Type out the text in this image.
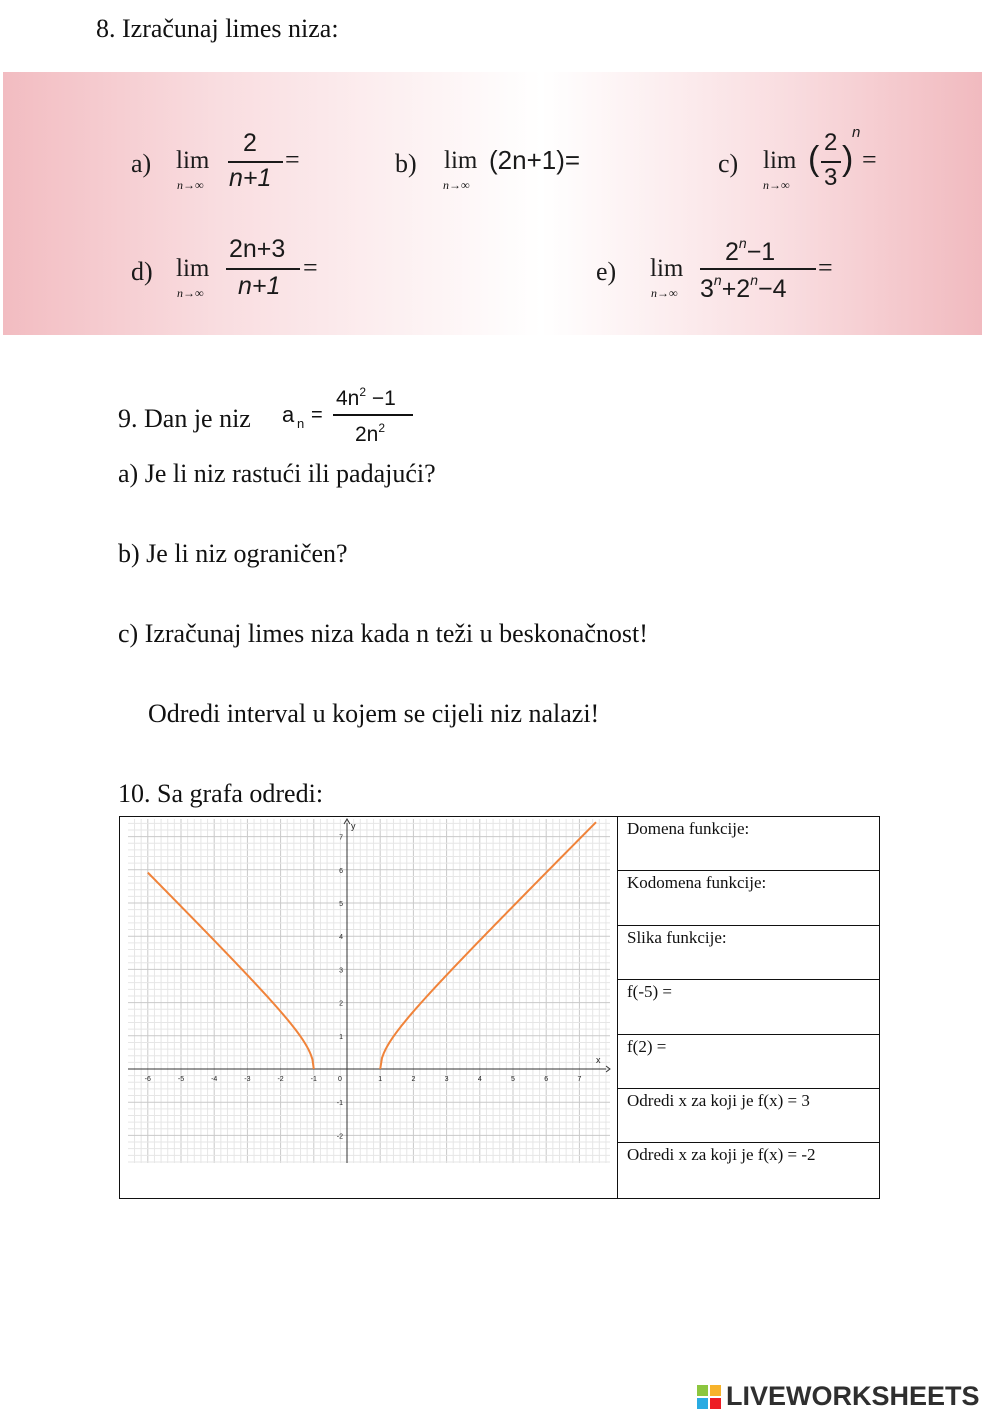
8. Izračunaj limes niza:
a) lim
n→∞
2
n+1
=	b) lim
n→∞
(2n+1)=	c) lim
n→∞
( 2
3 )
n
=
d) lim
n→∞
2n+3
n+1
=	e) lim
n→∞
$2^n-1$
$3^n+2^n-4$
=
9. Dan je niz a n =
$4n^2 -1$
$2n^2$
a) Je li niz rastući ili padajući?
b) Je li niz ograničen?
c) Izračunaj limes niza kada n teži u beskonačnost!
Odredi interval u kojem se cijeli niz nalazi!
10. Sa grafa odredi:
x
y
-6	-5	-4	-3	-2	-1	0	1	2	3	4	5	6	7
-2
-1
1
2
3
4
5
6
7
Domena funkcije:
Kodomena funkcije:
Slika funkcije:
f(-5) =
f(2) =
Odredi x za koji je f(x) = 3
Odredi x za koji je f(x) = -2
LIVEWORKSHEETS
